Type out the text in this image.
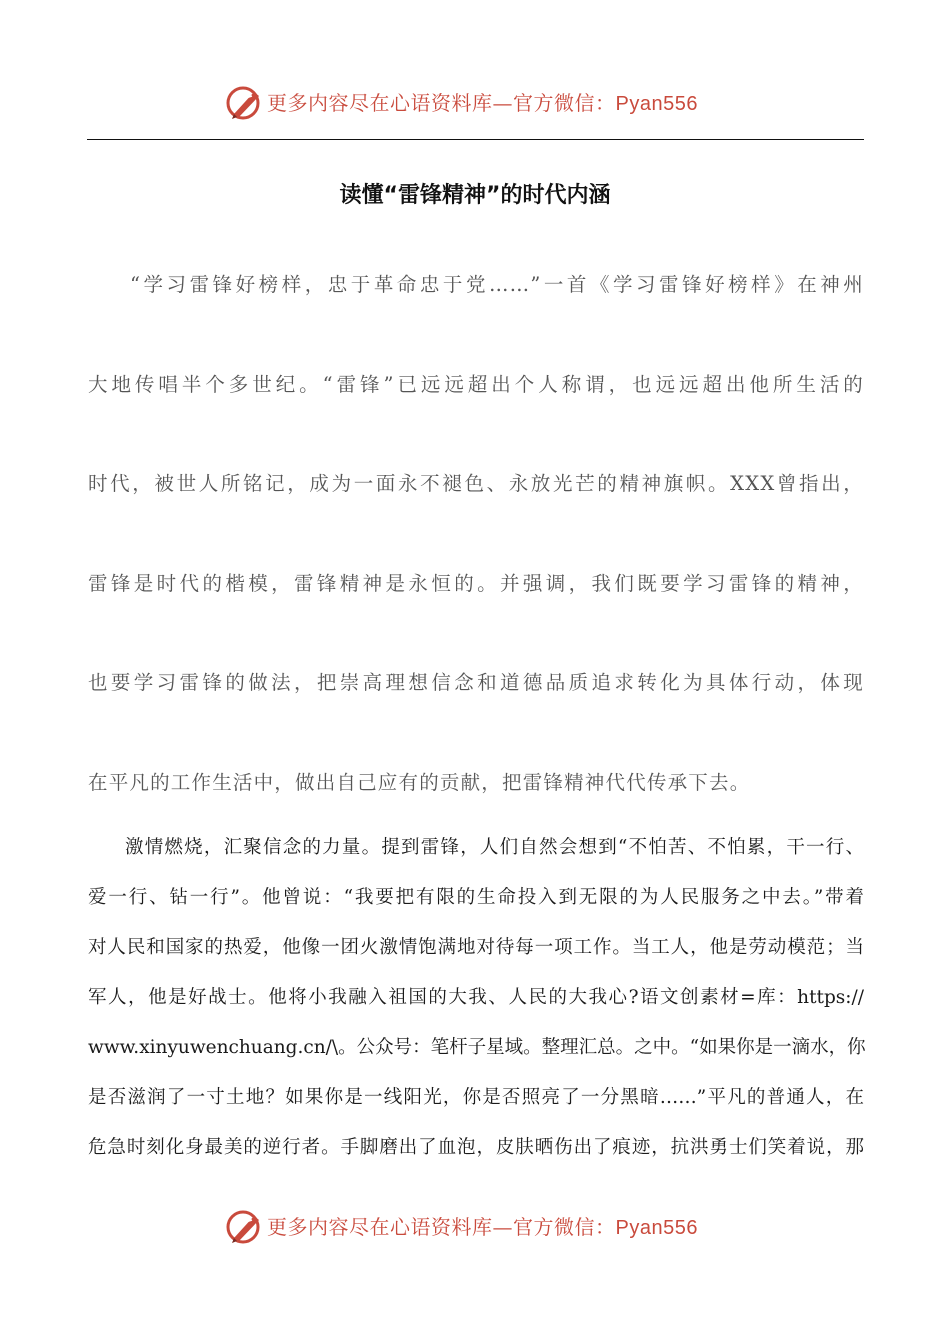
更多内容尽在心语资料库—官方微信：Pyan556
读懂“雷锋精神”的时代内涵
“学习雷锋好榜样，忠于革命忠于党……”一首《学习雷锋好榜样》在神州
大地传唱半个多世纪。“雷锋”已远远超出个人称谓，也远远超出他所生活的
时代，被世人所铭记，成为一面永不褪色、永放光芒的精神旗帜。XXX曾指出，
雷锋是时代的楷模，雷锋精神是永恒的。并强调，我们既要学习雷锋的精神，
也要学习雷锋的做法，把崇高理想信念和道德品质追求转化为具体行动，体现
在平凡的工作生活中，做出自己应有的贡献，把雷锋精神代代传承下去。
激情燃烧，汇聚信念的力量。提到雷锋，人们自然会想到“不怕苦、不怕累，干一行、
爱一行、钻一行”。他曾说：“我要把有限的生命投入到无限的为人民服务之中去。”带着
对人民和国家的热爱，他像一团火激情饱满地对待每一项工作。当工人，他是劳动模范；当
军人，他是好战士。他将小我融入祖国的大我、人民的大我心?语文创素材=库：https://
www.xinyuwenchuang.cn/\。公众号：笔杆子星域。整理汇总。之中。“如果你是一滴水，你
是否滋润了一寸土地？如果你是一线阳光，你是否照亮了一分黑暗……”平凡的普通人，在
危急时刻化身最美的逆行者。手脚磨出了血泡，皮肤晒伤出了痕迹，抗洪勇士们笑着说，那
更多内容尽在心语资料库—官方微信：Pyan556
